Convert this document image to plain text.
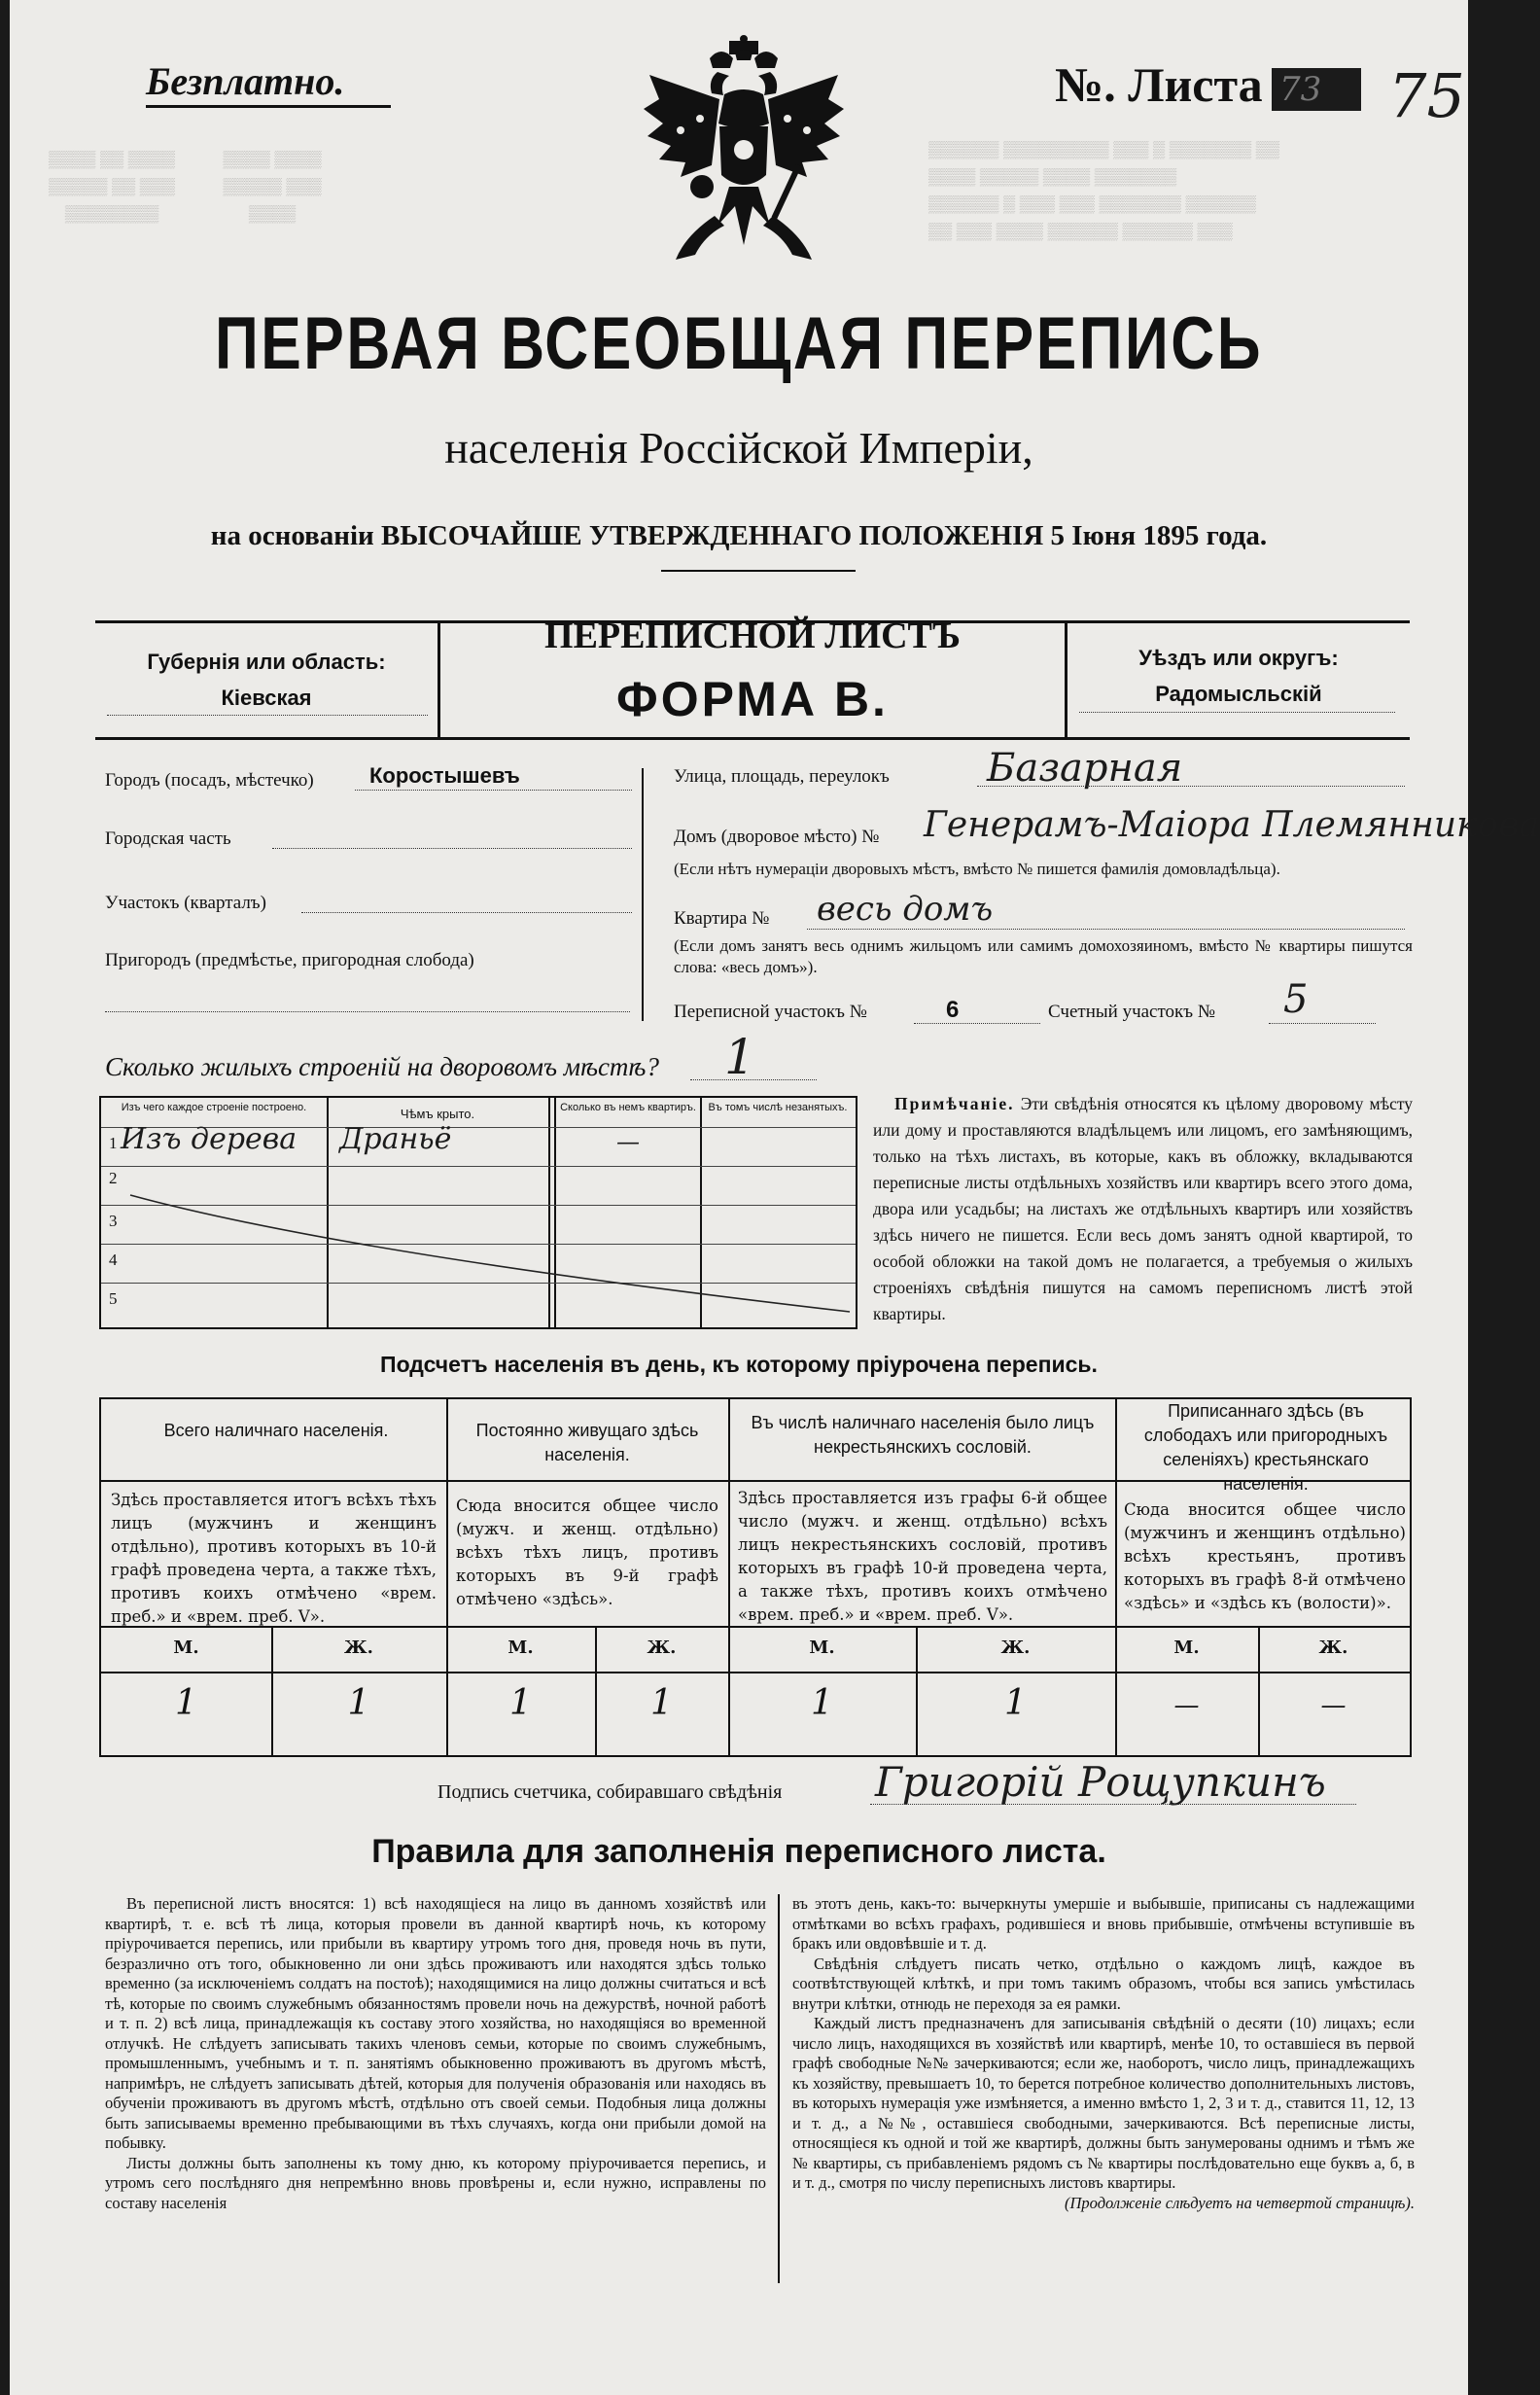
▒▒▒▒ ▒▒ ▒▒▒▒
▒▒▒▒▒ ▒▒ ▒▒▒
▒▒▒▒▒▒▒▒
▒▒▒▒ ▒▒▒▒
▒▒▒▒▒ ▒▒▒
▒▒▒▒
▒▒▒▒▒▒ ▒▒▒▒▒▒▒▒▒ ▒▒▒ ▒ ▒▒▒▒▒▒▒ ▒▒
▒▒▒▒ ▒▒▒▒▒ ▒▒▒▒ ▒▒▒▒▒▒▒
▒▒▒▒▒▒ ▒ ▒▒▒ ▒▒▒ ▒▒▒▒▒▒▒ ▒▒▒▒▒▒
▒▒ ▒▒▒ ▒▒▒▒ ▒▒▒▒▒▒ ▒▒▒▒▒▒ ▒▒▒
Безплатно.	№. Листа 73 75
ПЕРВАЯ ВСЕОБЩАЯ ПЕРЕПИСЬ
населенія Россійской Имперіи,
на основаніи ВЫСОЧАЙШЕ УТВЕРЖДЕННАГО ПОЛОЖЕНІЯ 5 Іюня 1895 года.
Губернія или область:
Кіевская
ПЕРЕПИСНОЙ ЛИСТЪ
ФОРМА В.
Уѣздъ или округъ:
Радомысльскій
Городъ (посадъ, мѣстечко)	Коростышевъ
Городская часть
Участокъ (кварталъ)
Пригородъ (предмѣстье, пригородная слобода)
Улица, площадь, переулокъ	Базарная
Домъ (дворовое мѣсто) № Генерамъ-Маiора Племянникова
(Если нѣтъ нумераціи дворовыхъ мѣстъ, вмѣсто № пишется фамилія домовладѣльца).
Квартира № весь домъ
(Если домъ занятъ весь однимъ жильцомъ или самимъ домохозяиномъ, вмѣсто № квартиры пишутся слова: «весь домъ»).
Переписной участокъ №	6	Счетный участокъ № 5
Сколько жилыхъ строеній на дворовомъ мѣстѣ? 1
Изъ чего каждое строеніе построено.	Чѣмъ крыто.	Сколько въ немъ квартиръ.	Въ томъ числѣ незанятыхъ.
1 Изъ дерева Драньё	—
2
3
4
5
Примѣчаніе. Эти свѣдѣнія относятся къ цѣлому дворовому мѣсту или дому и проставляются владѣльцемъ или лицомъ, его замѣняющимъ, только на тѣхъ листахъ, въ которые, какъ въ обложку, вкладываются переписные листы отдѣльныхъ хозяйствъ или квартиръ всего этого дома, двора или усадьбы; на листахъ же отдѣльныхъ квартиръ или хозяйствъ здѣсь ничего не пишется. Если весь домъ занятъ одной квартирой, то особой обложки на такой домъ не полагается, а требуемыя о жилыхъ строеніяхъ свѣдѣнія пишутся на самомъ переписномъ листѣ этой квартиры.
Подсчетъ населенія въ день, къ которому пріурочена перепись.
Всего наличнаго населенія.
Здѣсь проставляется итогъ всѣхъ тѣхъ лицъ (мужчинъ и женщинъ отдѣльно), противъ которыхъ въ 10-й графѣ проведена черта, а также тѣхъ, противъ коихъ отмѣчено «врем. преб.» и «врем. преб. V».
Постоянно живущаго здѣсь населенія.
Сюда вносится общее число (мужч. и женщ. отдѣльно) всѣхъ тѣхъ лицъ, противъ которыхъ въ 9-й графѣ отмѣчено «здѣсь».
Въ числѣ наличнаго населенія было лицъ некрестьянскихъ сословій.
Здѣсь проставляется изъ графы 6-й общее число (мужч. и женщ. отдѣльно) всѣхъ лицъ некрестьянскихъ сословій, противъ которыхъ въ графѣ 10-й проведена черта, а также тѣхъ, противъ коихъ отмѣчено «врем. преб.» и «врем. преб. V».
Приписаннаго здѣсь (въ слободахъ или пригородныхъ селеніяхъ) крестьянскаго населенія.
Сюда вносится общее число (мужчинъ и женщинъ отдѣльно) всѣхъ крестьянъ, противъ которыхъ въ графѣ 8-й отмѣчено «здѣсь» и «здѣсь къ (волости)».
М.	Ж.	М.	Ж.	М.	Ж.	М.	Ж.
1	1	1	1	1	1	—	—
Подпись счетчика, собиравшаго свѣдѣнія Григорій Рощупкинъ
Правила для заполненія переписного листа.

Въ переписной листъ вносятся: 1) всѣ находящіеся на лицо въ данномъ хозяйствѣ или квартирѣ, т. е. всѣ тѣ лица, которыя провели въ данной квартирѣ ночь, къ которому пріурочивается перепись, или прибыли въ квартиру утромъ того дня, проведя ночь въ пути, безразлично отъ того, обыкновенно ли они здѣсь проживаютъ или находятся здѣсь только временно (за исключеніемъ солдатъ на постоѣ); находящимися на лицо должны считаться и всѣ тѣ, которые по своимъ служебнымъ обязанностямъ провели ночь на дежурствѣ, ночной работѣ и т. п. 2) всѣ лица, принадлежащія къ составу этого хозяйства, но находящіяся во временной отлучкѣ. Не слѣдуетъ записывать такихъ членовъ семьи, которые по своимъ служебнымъ, промышленнымъ, учебнымъ и т. п. занятіямъ обыкновенно проживаютъ въ другомъ мѣстѣ, напримѣръ, не слѣдуетъ записывать дѣтей, которыя для полученія образованія или находясь въ обученіи проживаютъ въ другомъ мѣстѣ, отдѣльно отъ своей семьи. Подобныя лица должны быть записываемы временно пребывающими въ тѣхъ случаяхъ, когда они прибыли домой на побывку.

Листы должны быть заполнены къ тому дню, къ которому пріурочивается перепись, и утромъ сего послѣдняго дня непремѣнно вновь провѣрены и, если нужно, исправлены по составу населенія

въ этотъ день, какъ-то: вычеркнуты умершіе и выбывшіе, приписаны съ надлежащими отмѣтками во всѣхъ графахъ, родившіеся и вновь прибывшіе, отмѣчены вступившіе въ бракъ или овдовѣвшіе и т. д.

Свѣдѣнія слѣдуетъ писать четко, отдѣльно о каждомъ лицѣ, каждое въ соотвѣтствующей клѣткѣ, и при томъ такимъ образомъ, чтобы вся запись умѣстилась внутри клѣтки, отнюдь не переходя за ея рамки.

Каждый листъ предназначенъ для записыванія свѣдѣній о десяти (10) лицахъ; если число лицъ, находящихся въ хозяйствѣ или квартирѣ, менѣе 10, то оставшіеся въ первой графѣ свободные №№ зачеркиваются; если же, наоборотъ, число лицъ, принадлежащихъ къ хозяйству, превышаетъ 10, то берется потребное количество дополнительныхъ листовъ, въ которыхъ нумерація уже измѣняется, а именно вмѣсто 1, 2, 3 и т. д., ставится 11, 12, 13 и т. д., а №№, оставшіеся свободными, зачеркиваются. Всѣ переписные листы, относящіеся къ одной и той же квартирѣ, должны быть занумерованы однимъ и тѣмъ же № квартиры, съ прибавленіемъ рядомъ съ № квартиры послѣдовательно еще буквъ а, б, в и т. д., смотря по числу переписныхъ листовъ квартиры.

(Продолженіе слѣдуетъ на четвертой страницѣ).
